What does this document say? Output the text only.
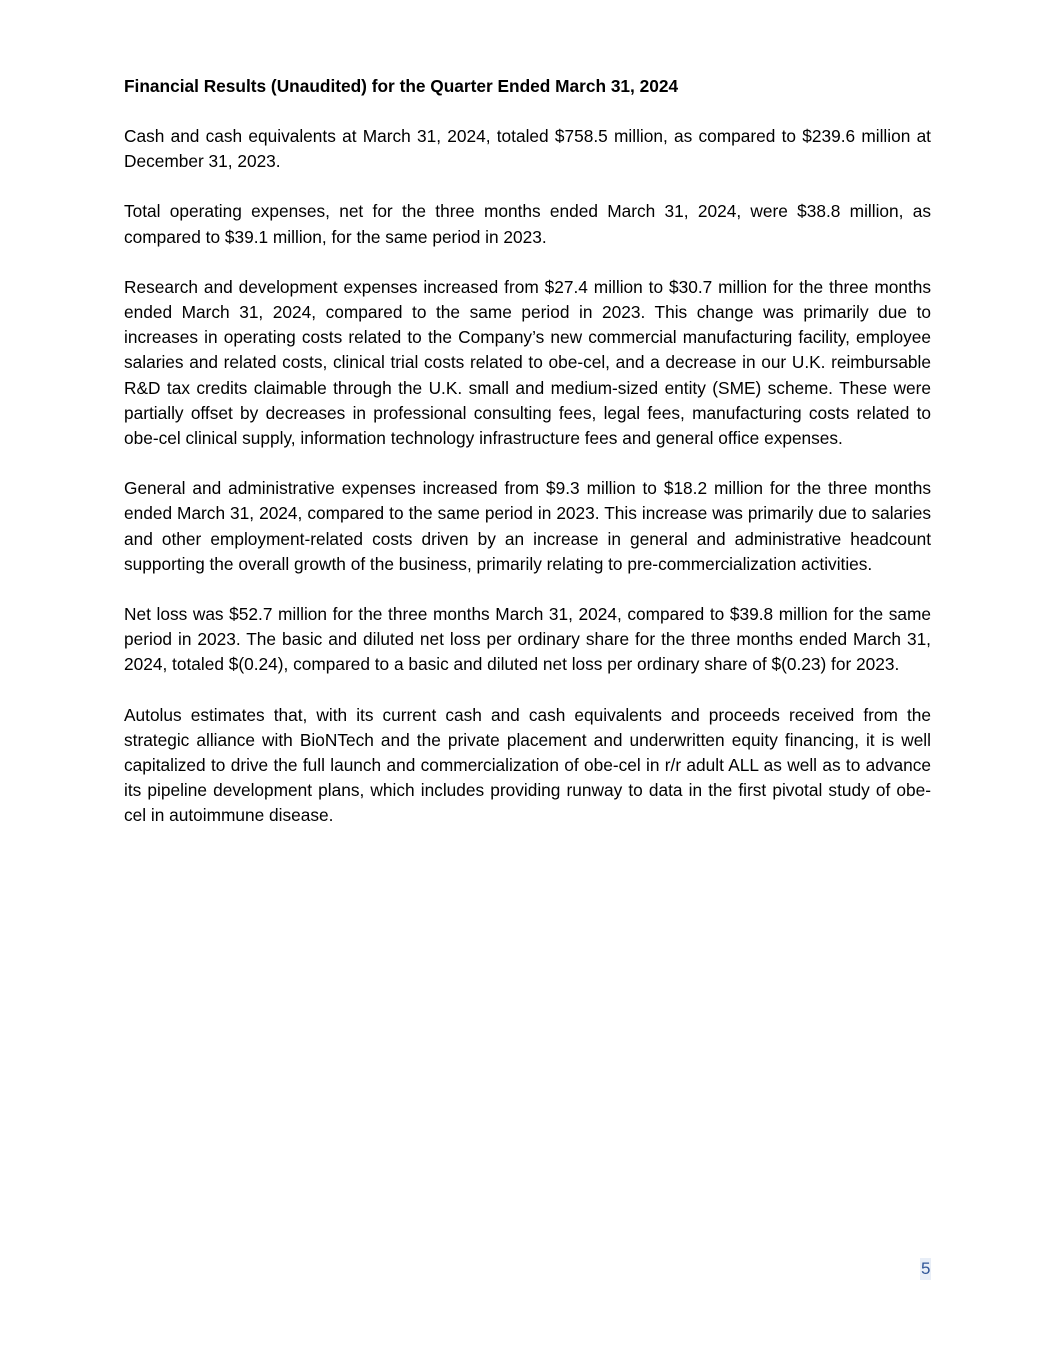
Financial Results (Unaudited) for the Quarter Ended March 31, 2024

Cash and cash equivalents at March 31, 2024, totaled $758.5 million, as compared to $239.6 million at December 31, 2023.

Total operating expenses, net for the three months ended March 31, 2024, were $38.8 million, as compared to $39.1 million, for the same period in 2023.

Research and development expenses increased from $27.4 million to $30.7 million for the three months ended March 31, 2024, compared to the same period in 2023. This change was primarily due to increases in operating costs related to the Company’s new commercial manufacturing facility, employee salaries and related costs, clinical trial costs related to obe-cel, and a decrease in our U.K. reimbursable R&D tax credits claimable through the U.K. small and medium-sized entity (SME) scheme. These were partially offset by decreases in professional consulting fees, legal fees, manufacturing costs related to obe-cel clinical supply, information technology infrastructure fees and general office expenses.

General and administrative expenses increased from $9.3 million to $18.2 million for the three months ended March 31, 2024, compared to the same period in 2023. This increase was primarily due to salaries and other employment-related costs driven by an increase in general and administrative headcount supporting the overall growth of the business, primarily relating to pre-commercialization activities.

Net loss was $52.7 million for the three months March 31, 2024, compared to $39.8 million for the same period in 2023. The basic and diluted net loss per ordinary share for the three months ended March 31, 2024, totaled $(0.24), compared to a basic and diluted net loss per ordinary share of $(0.23) for 2023.

Autolus estimates that, with its current cash and cash equivalents and proceeds received from the strategic alliance with BioNTech and the private placement and underwritten equity financing, it is well capitalized to drive the full launch and commercialization of obe-cel in r/r adult ALL as well as to advance its pipeline development plans, which includes providing runway to data in the first pivotal study of obe-cel in autoimmune disease.

5
